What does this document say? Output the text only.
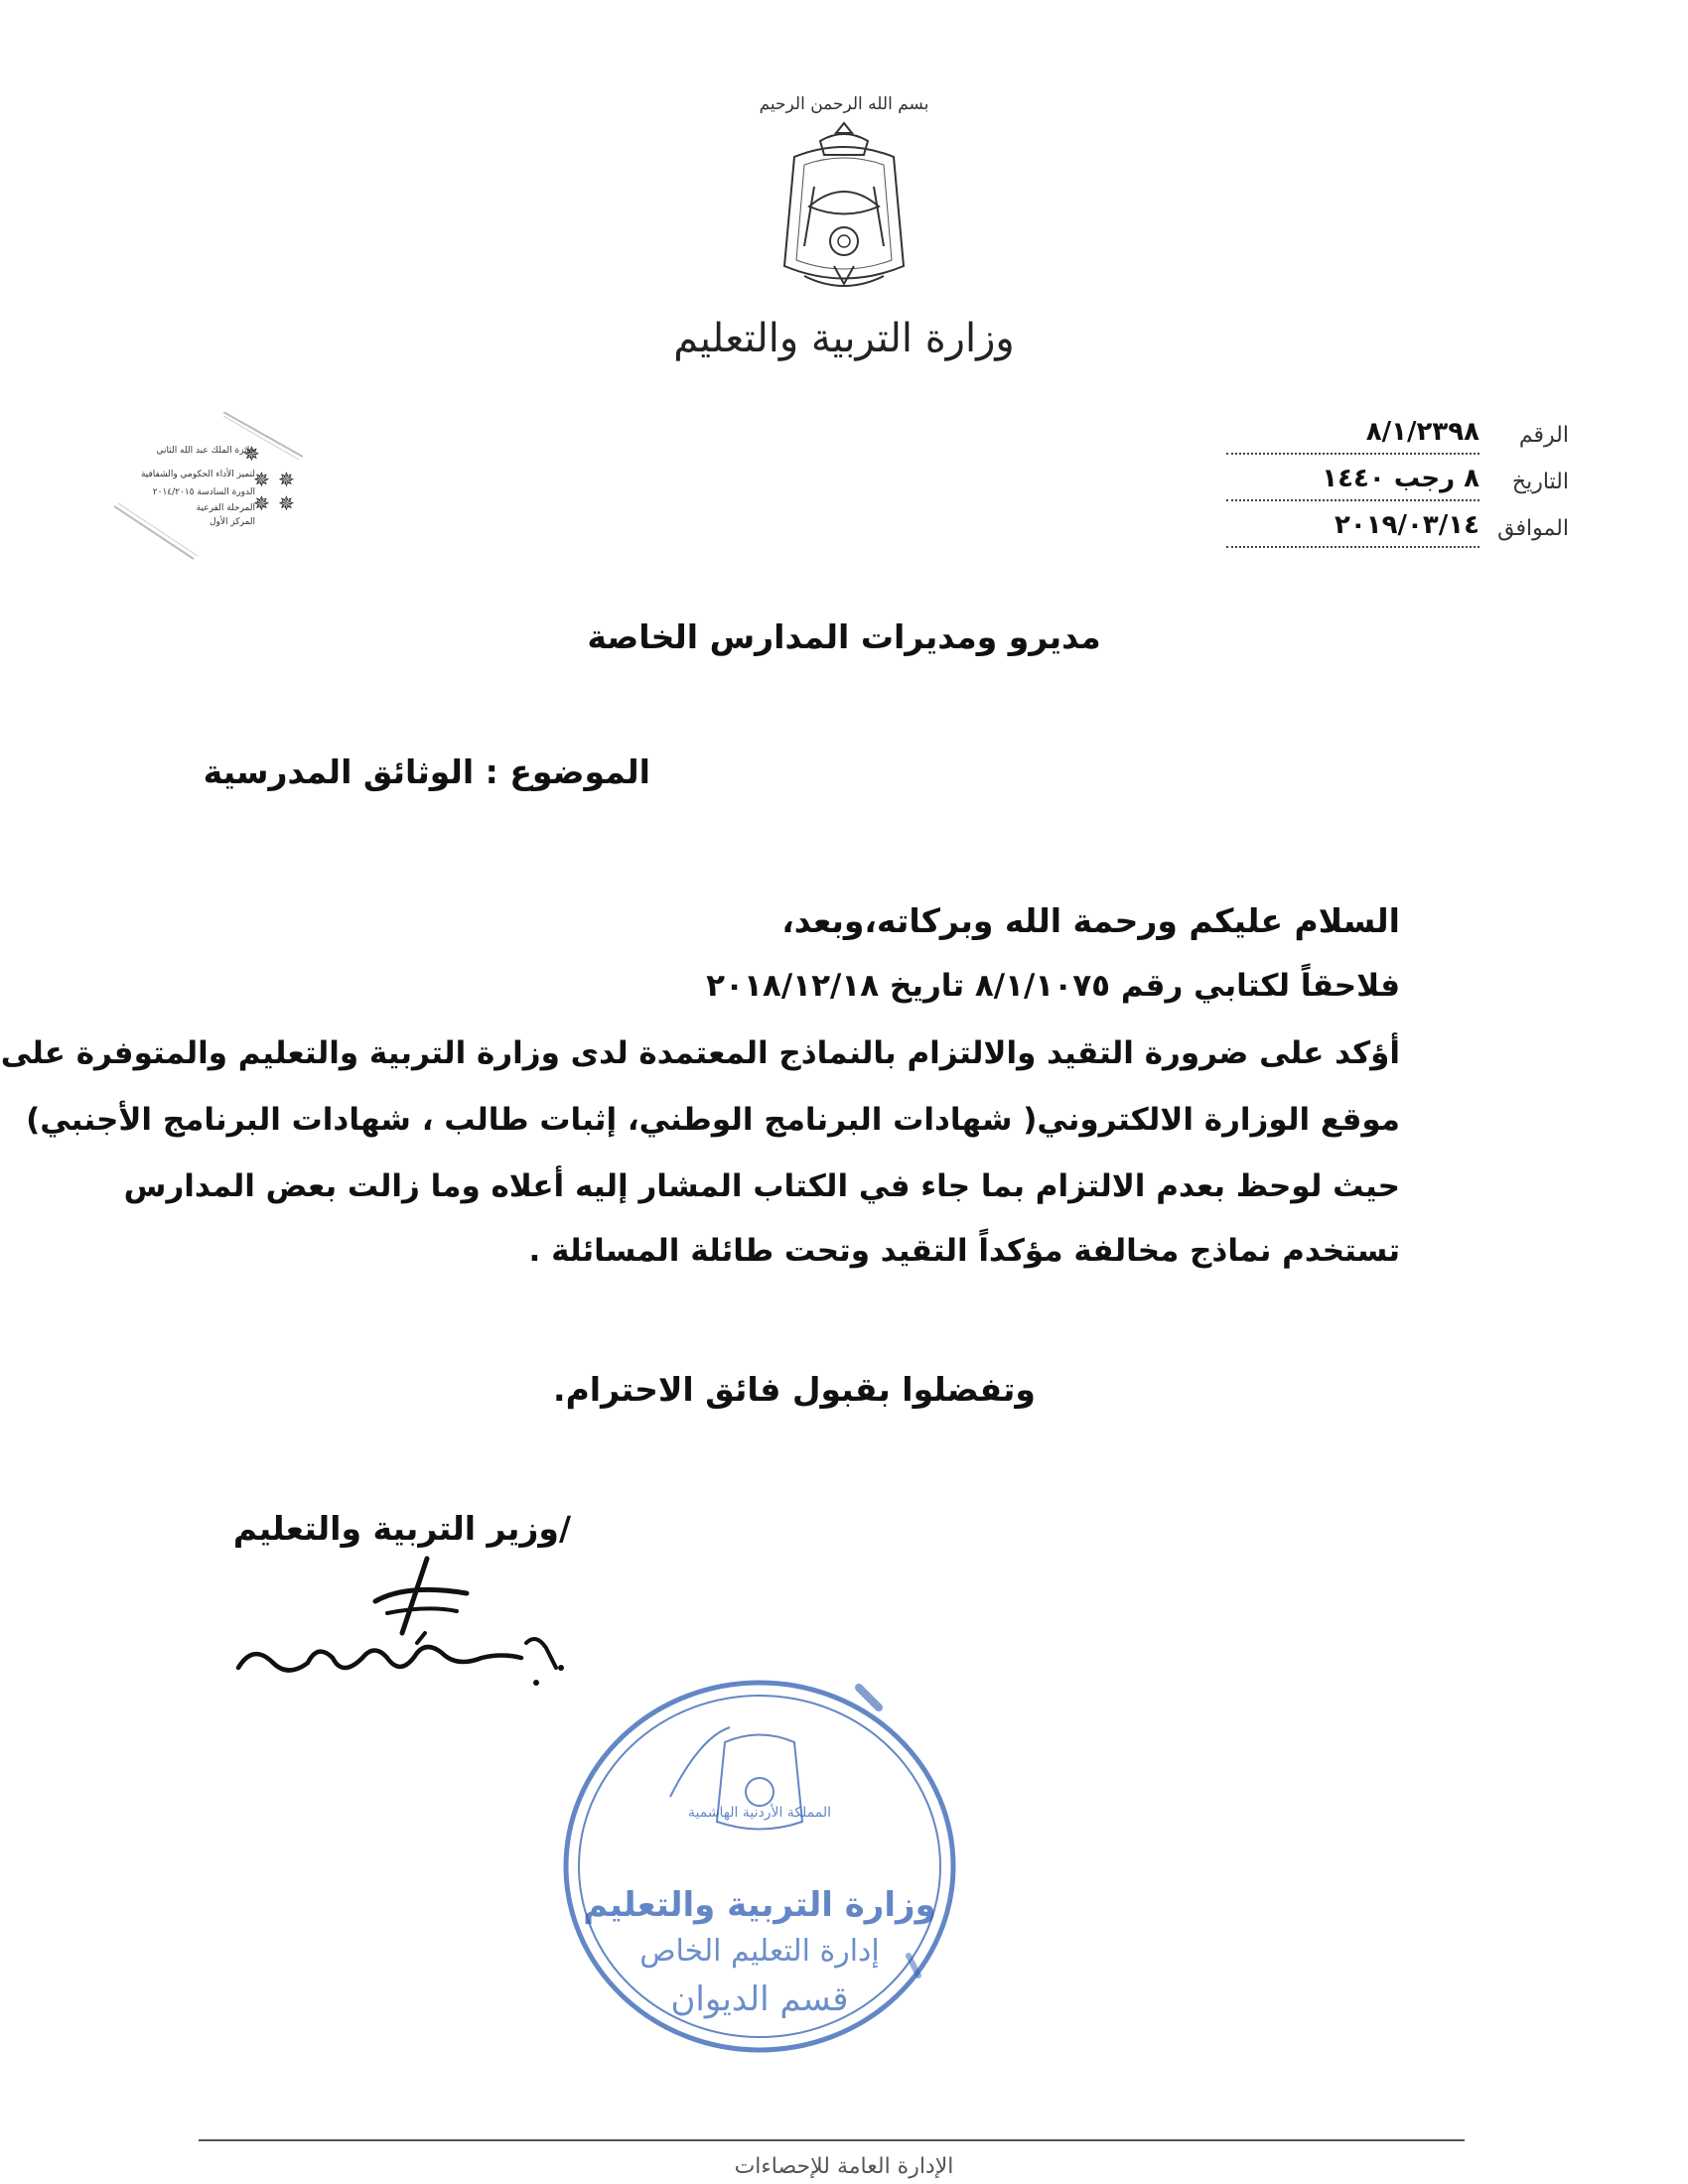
بسم الله الرحمن الرحيم
وزارة التربية والتعليم
الرقم
٨/١/٢٣٩٨
التاريخ
٨ رجب ١٤٤٠
الموافق
٢٠١٩/٠٣/١٤
✵
✵ ✵
✵ ✵
جائزة الملك عبد الله الثاني
لتميز الأداء الحكومي والشفافية
الدورة السادسة ٢٠١٤/٢٠١٥
المرحلة الفرعية
المركز الأول
مديرو ومديرات المدارس الخاصة
الموضوع : الوثائق المدرسية
السلام عليكم ورحمة الله وبركاته،وبعد،
فلاحقاً لكتابي رقم ٨/١/١٠٧٥ تاريخ ٢٠١٨/١٢/١٨
أؤكد على ضرورة التقيد والالتزام بالنماذج المعتمدة لدى وزارة التربية والتعليم والمتوفرة على
موقع الوزارة الالكتروني( شهادات البرنامج الوطني، إثبات طالب ، شهادات البرنامج الأجنبي)
حيث لوحظ بعدم الالتزام بما جاء في الكتاب المشار إليه أعلاه وما زالت بعض المدارس
تستخدم نماذج مخالفة مؤكداً التقيد وتحت طائلة المسائلة .
وتفضلوا بقبول فائق الاحترام.
/وزير التربية والتعليم
المملكة الأردنية الهاشمية
وزارة التربية والتعليم
إدارة التعليم الخاص
قسم الديوان
الإدارة العامة للإحصاءات
